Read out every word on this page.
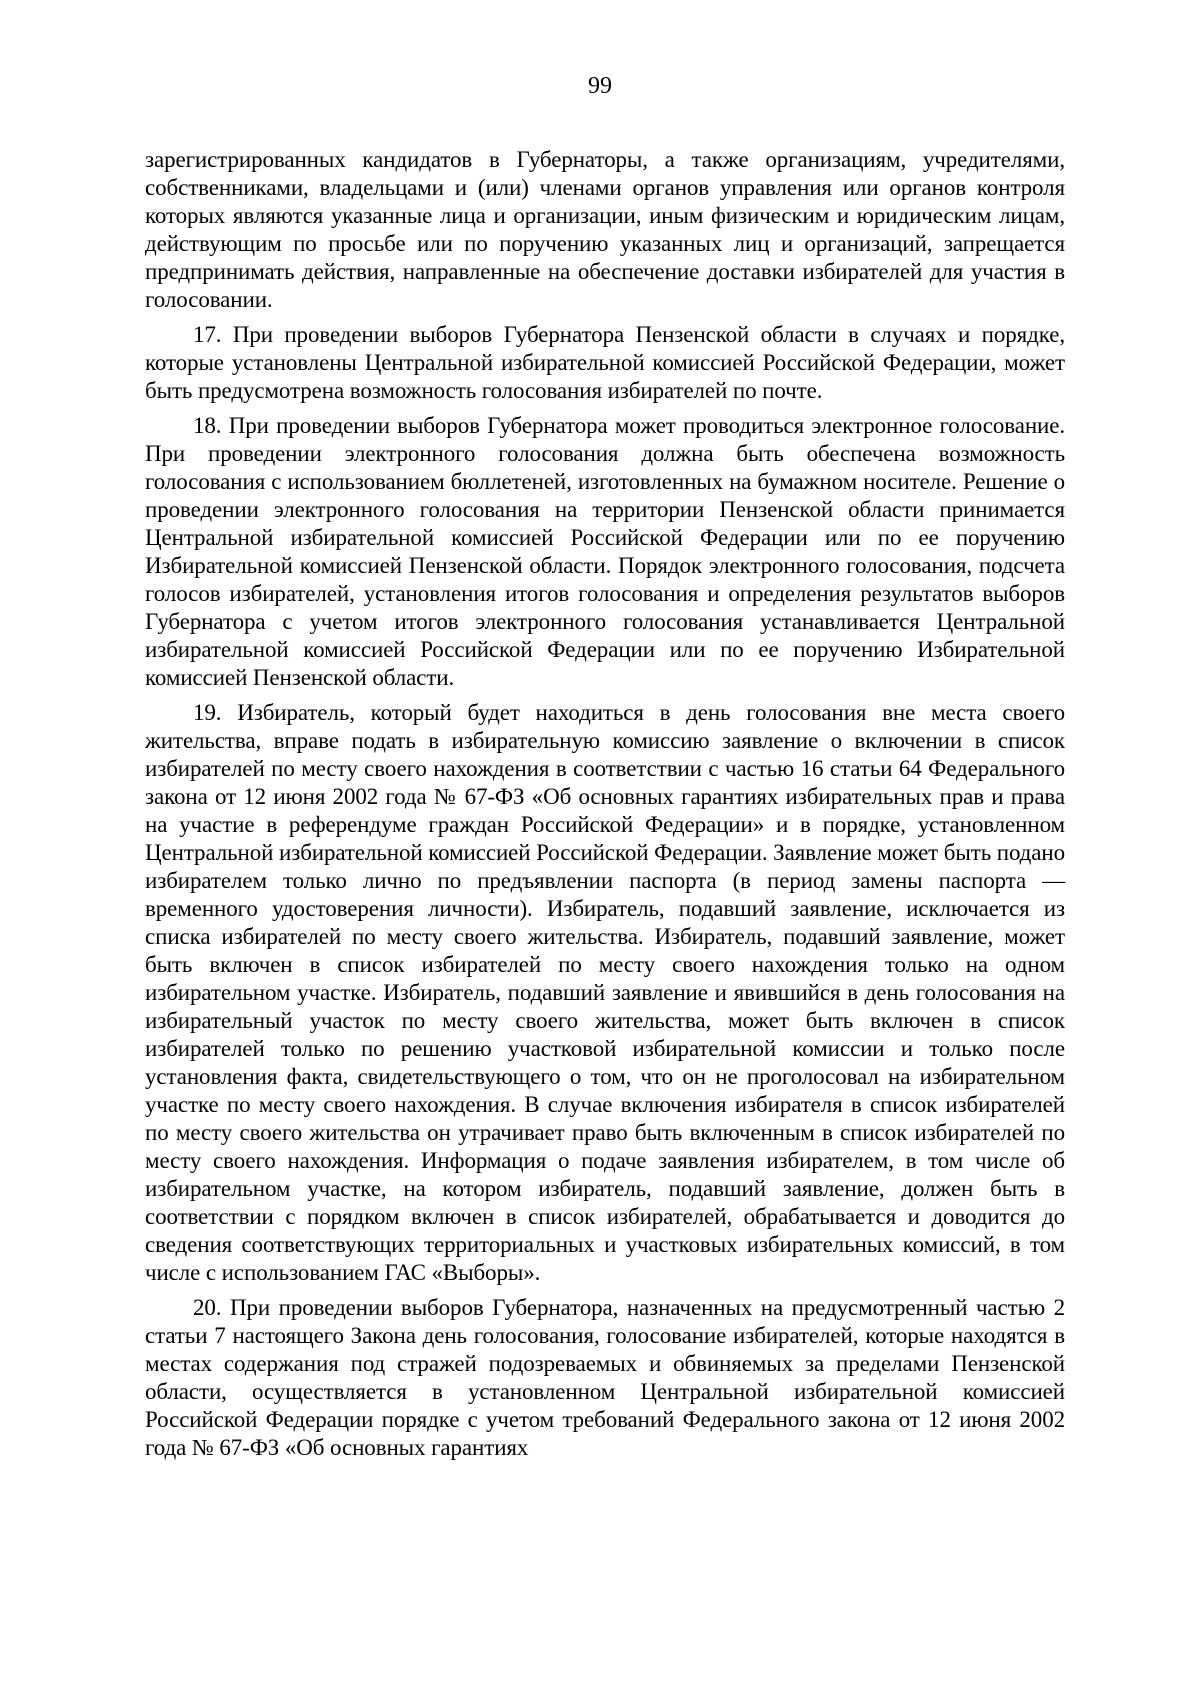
99

зарегистрированных кандидатов в Губернаторы, а также организациям, учредителями, собственниками, владельцами и (или) членами органов управления или органов контроля которых являются указанные лица и организации, иным физическим и юридическим лицам, действующим по просьбе или по поручению указанных лиц и организаций, запрещается предпринимать действия, направленные на обеспечение доставки избирателей для участия в голосовании.

17. При проведении выборов Губернатора Пензенской области в случаях и порядке, которые установлены Центральной избирательной комиссией Российской Федерации, может быть предусмотрена возможность голосования избирателей по почте.

18. При проведении выборов Губернатора может проводиться электронное голосование. При проведении электронного голосования должна быть обеспечена возможность голосования с использованием бюллетеней, изготовленных на бумажном носителе. Решение о проведении электронного голосования на территории Пензенской области принимается Центральной избирательной комиссией Российской Федерации или по ее поручению Избирательной комиссией Пензенской области. Порядок электронного голосования, подсчета голосов избирателей, установления итогов голосования и определения результатов выборов Губернатора с учетом итогов электронного голосования устанавливается Центральной избирательной комиссией Российской Федерации или по ее поручению Избирательной комиссией Пензенской области.

19. Избиратель, который будет находиться в день голосования вне места своего жительства, вправе подать в избирательную комиссию заявление о включении в список избирателей по месту своего нахождения в соответствии с частью 16 статьи 64 Федерального закона от 12 июня 2002 года № 67-ФЗ «Об основных гарантиях избирательных прав и права на участие в референдуме граждан Российской Федерации» и в порядке, установленном Центральной избирательной комиссией Российской Федерации. Заявление может быть подано избирателем только лично по предъявлении паспорта (в период замены паспорта — временного удостоверения личности). Избиратель, подавший заявление, исключается из списка избирателей по месту своего жительства. Избиратель, подавший заявление, может быть включен в список избирателей по месту своего нахождения только на одном избирательном участке. Избиратель, подавший заявление и явившийся в день голосования на избирательный участок по месту своего жительства, может быть включен в список избирателей только по решению участковой избирательной комиссии и только после установления факта, свидетельствующего о том, что он не проголосовал на избирательном участке по месту своего нахождения. В случае включения избирателя в список избирателей по месту своего жительства он утрачивает право быть включенным в список избирателей по месту своего нахождения. Информация о подаче заявления избирателем, в том числе об избирательном участке, на котором избиратель, подавший заявление, должен быть в соответствии с порядком включен в список избирателей, обрабатывается и доводится до сведения соответствующих территориальных и участковых избирательных комиссий, в том числе с использованием ГАС «Выборы».

20. При проведении выборов Губернатора, назначенных на предусмотренный частью 2 статьи 7 настоящего Закона день голосования, голосование избирателей, которые находятся в местах содержания под стражей подозреваемых и обвиняемых за пределами Пензенской области, осуществляется в установленном Центральной избирательной комиссией Российской Федерации порядке с учетом требований Федерального закона от 12 июня 2002 года № 67-ФЗ «Об основных гарантиях
